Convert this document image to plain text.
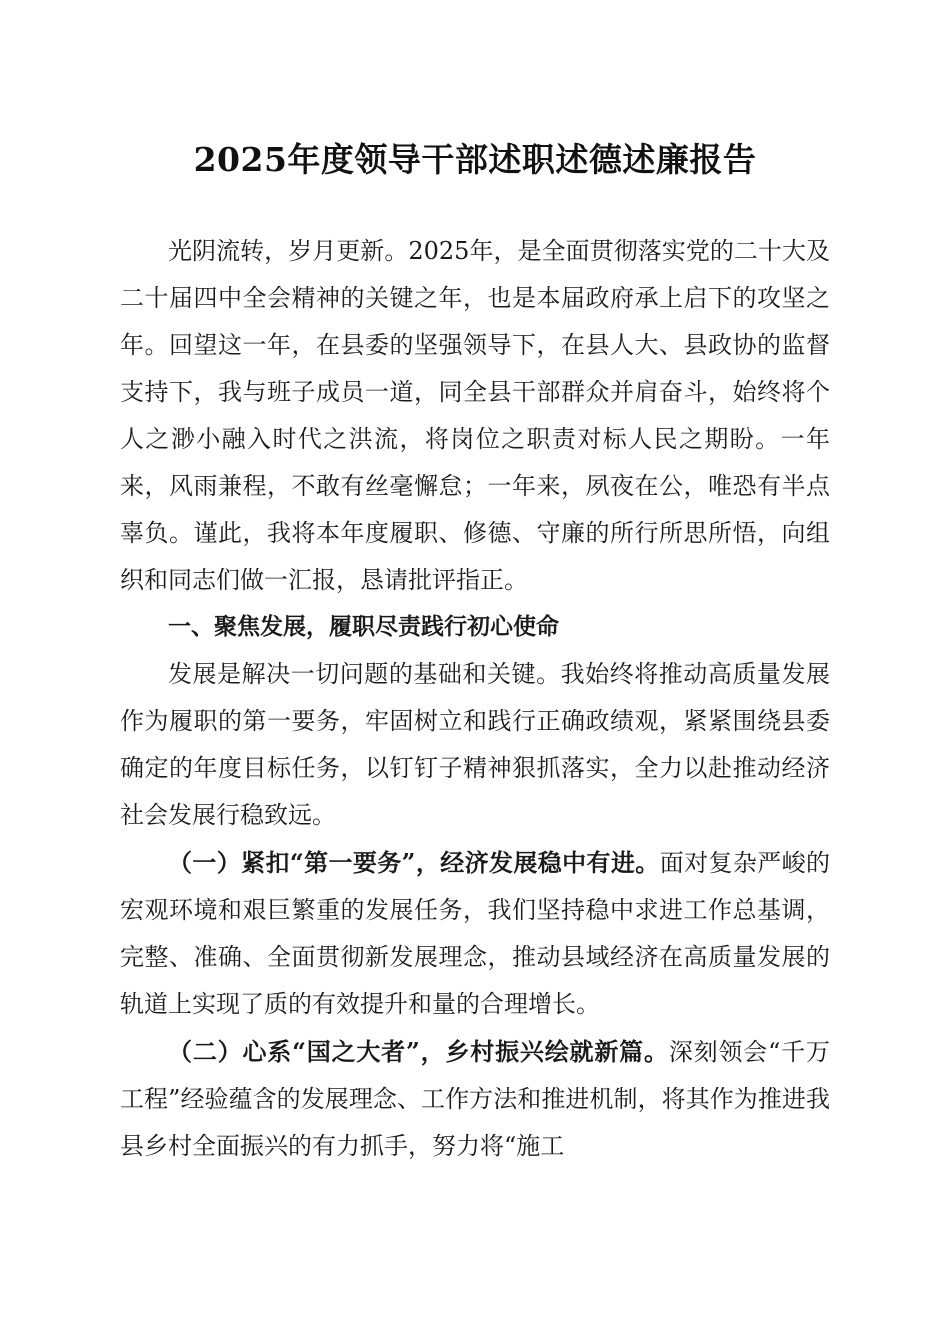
2025年度领导干部述职述德述廉报告

光阴流转，岁月更新。2025年，是全面贯彻落实党的二十大及二十届四中全会精神的关键之年，也是本届政府承上启下的攻坚之年。回望这一年，在县委的坚强领导下，在县人大、县政协的监督支持下，我与班子成员一道，同全县干部群众并肩奋斗，始终将个人之渺小融入时代之洪流，将岗位之职责对标人民之期盼。一年来，风雨兼程，不敢有丝毫懈怠；一年来，夙夜在公，唯恐有半点辜负。谨此，我将本年度履职、修德、守廉的所行所思所悟，向组织和同志们做一汇报，恳请批评指正。

一、聚焦发展，履职尽责践行初心使命

发展是解决一切问题的基础和关键。我始终将推动高质量发展作为履职的第一要务，牢固树立和践行正确政绩观，紧紧围绕县委确定的年度目标任务，以钉钉子精神狠抓落实，全力以赴推动经济社会发展行稳致远。

（一）紧扣“第一要务”，经济发展稳中有进。面对复杂严峻的宏观环境和艰巨繁重的发展任务，我们坚持稳中求进工作总基调，完整、准确、全面贯彻新发展理念，推动县域经济在高质量发展的轨道上实现了质的有效提升和量的合理增长。

（二）心系“国之大者”，乡村振兴绘就新篇。深刻领会“千万工程”经验蕴含的发展理念、工作方法和推进机制，将其作为推进我县乡村全面振兴的有力抓手，努力将“施工
